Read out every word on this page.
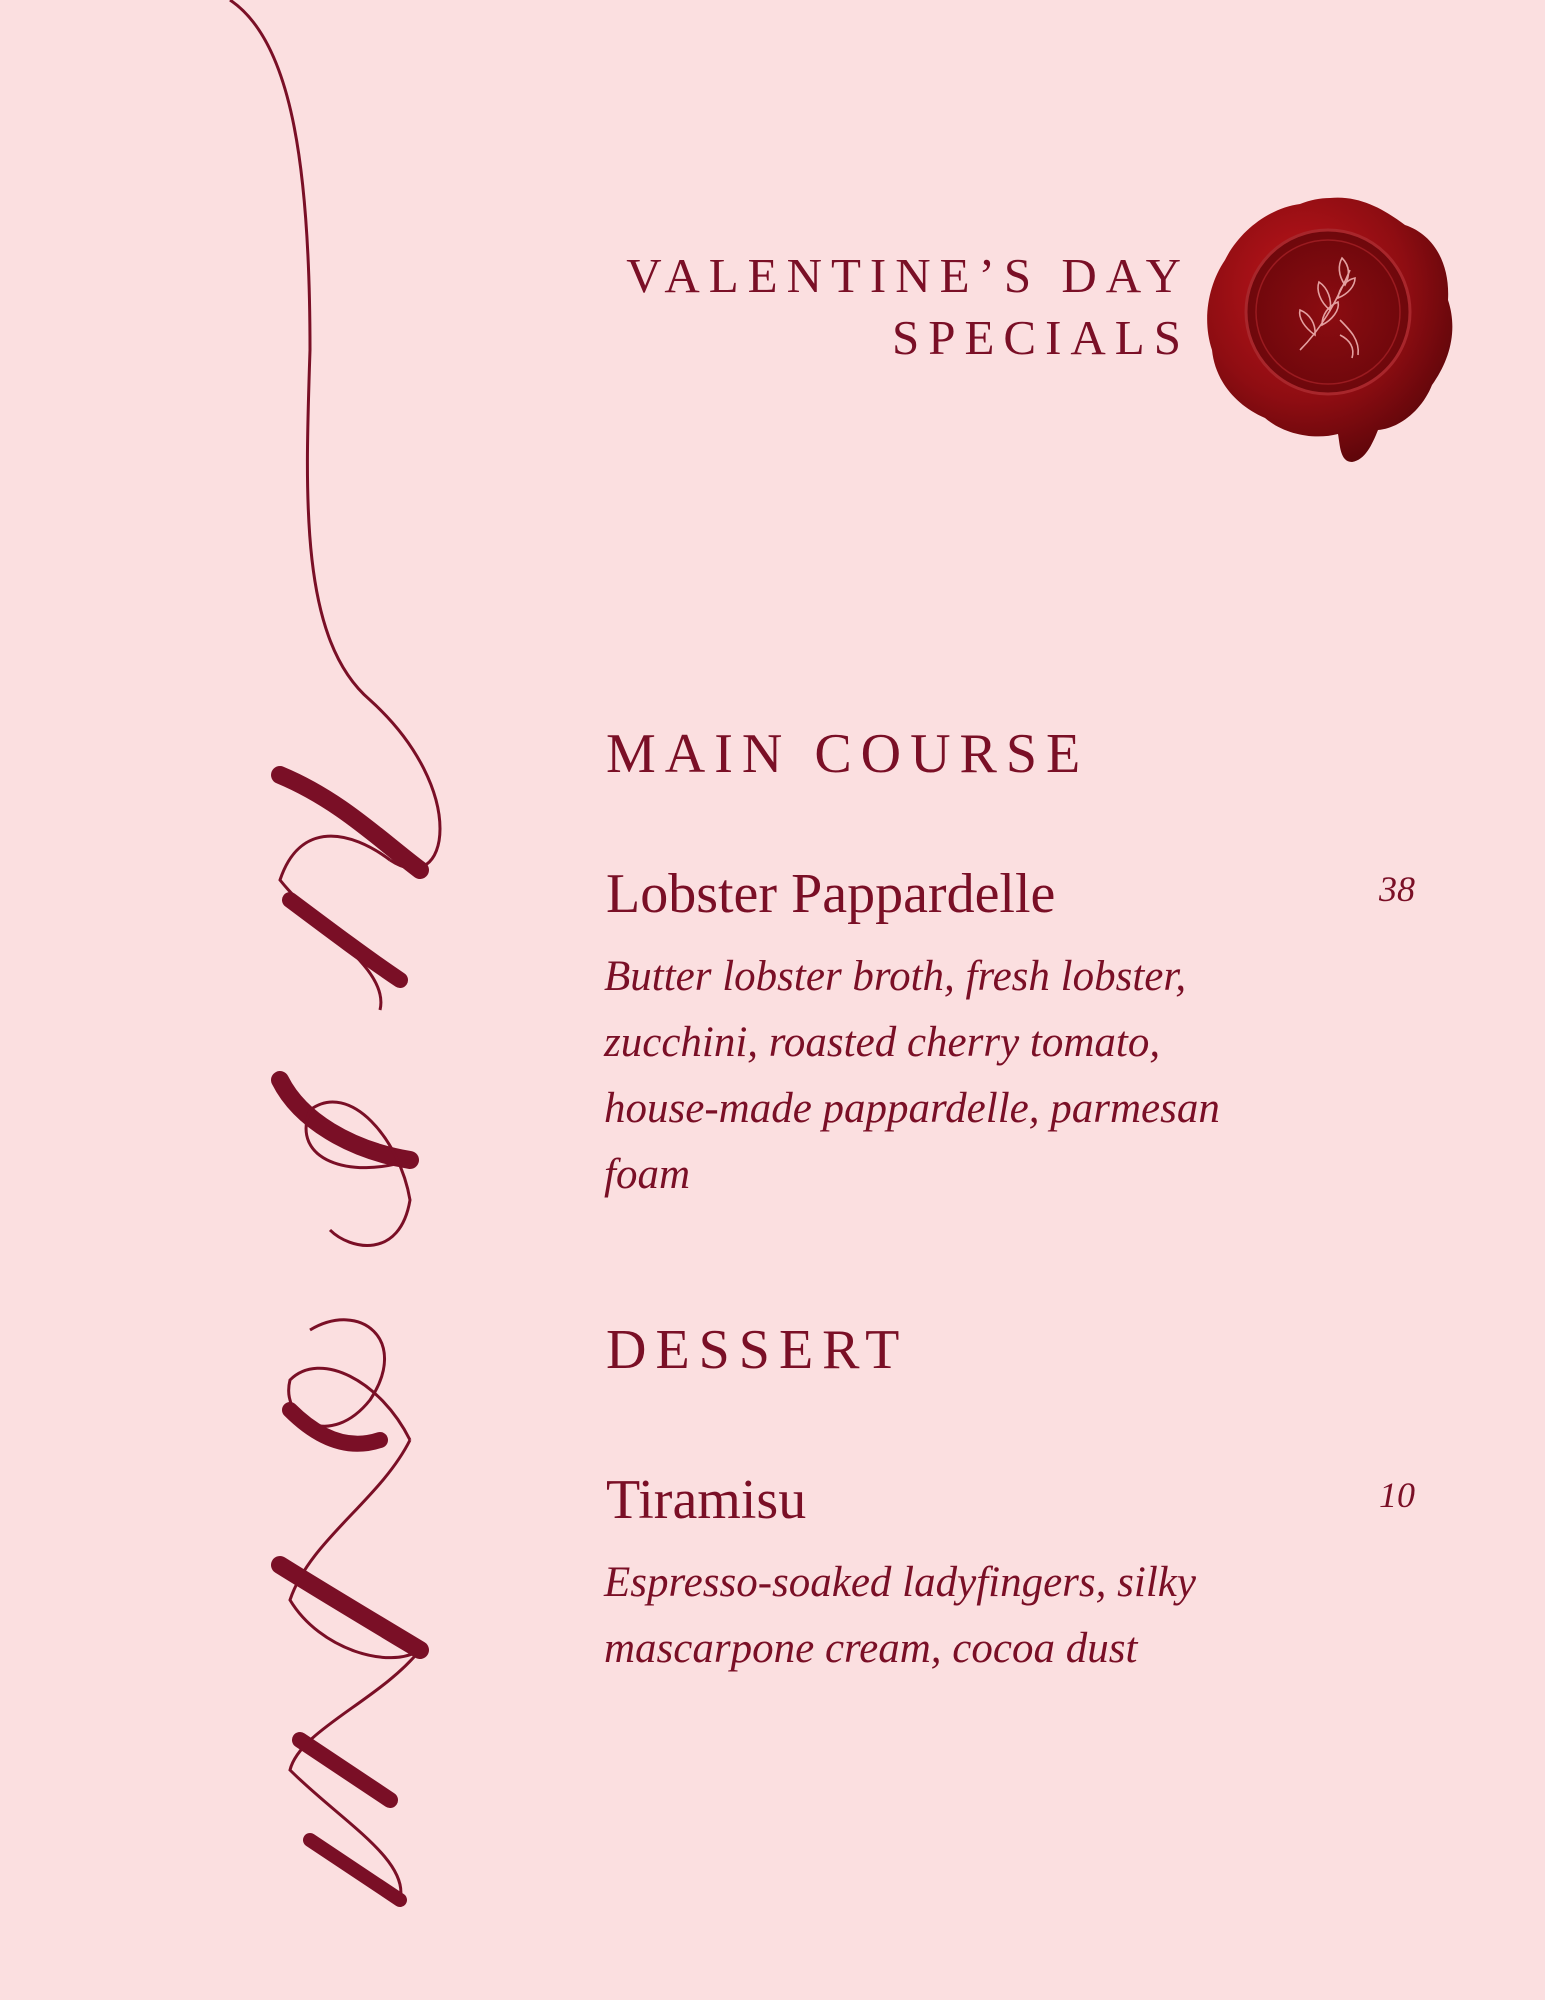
VALENTINE’S DAY
SPECIALS
MAIN COURSE
Lobster Pappardelle	38
Butter lobster broth, fresh lobster,
zucchini, roasted cherry tomato,
house-made pappardelle, parmesan
foam
DESSERT
Tiramisu	10
Espresso-soaked ladyfingers, silky
mascarpone cream, cocoa dust
